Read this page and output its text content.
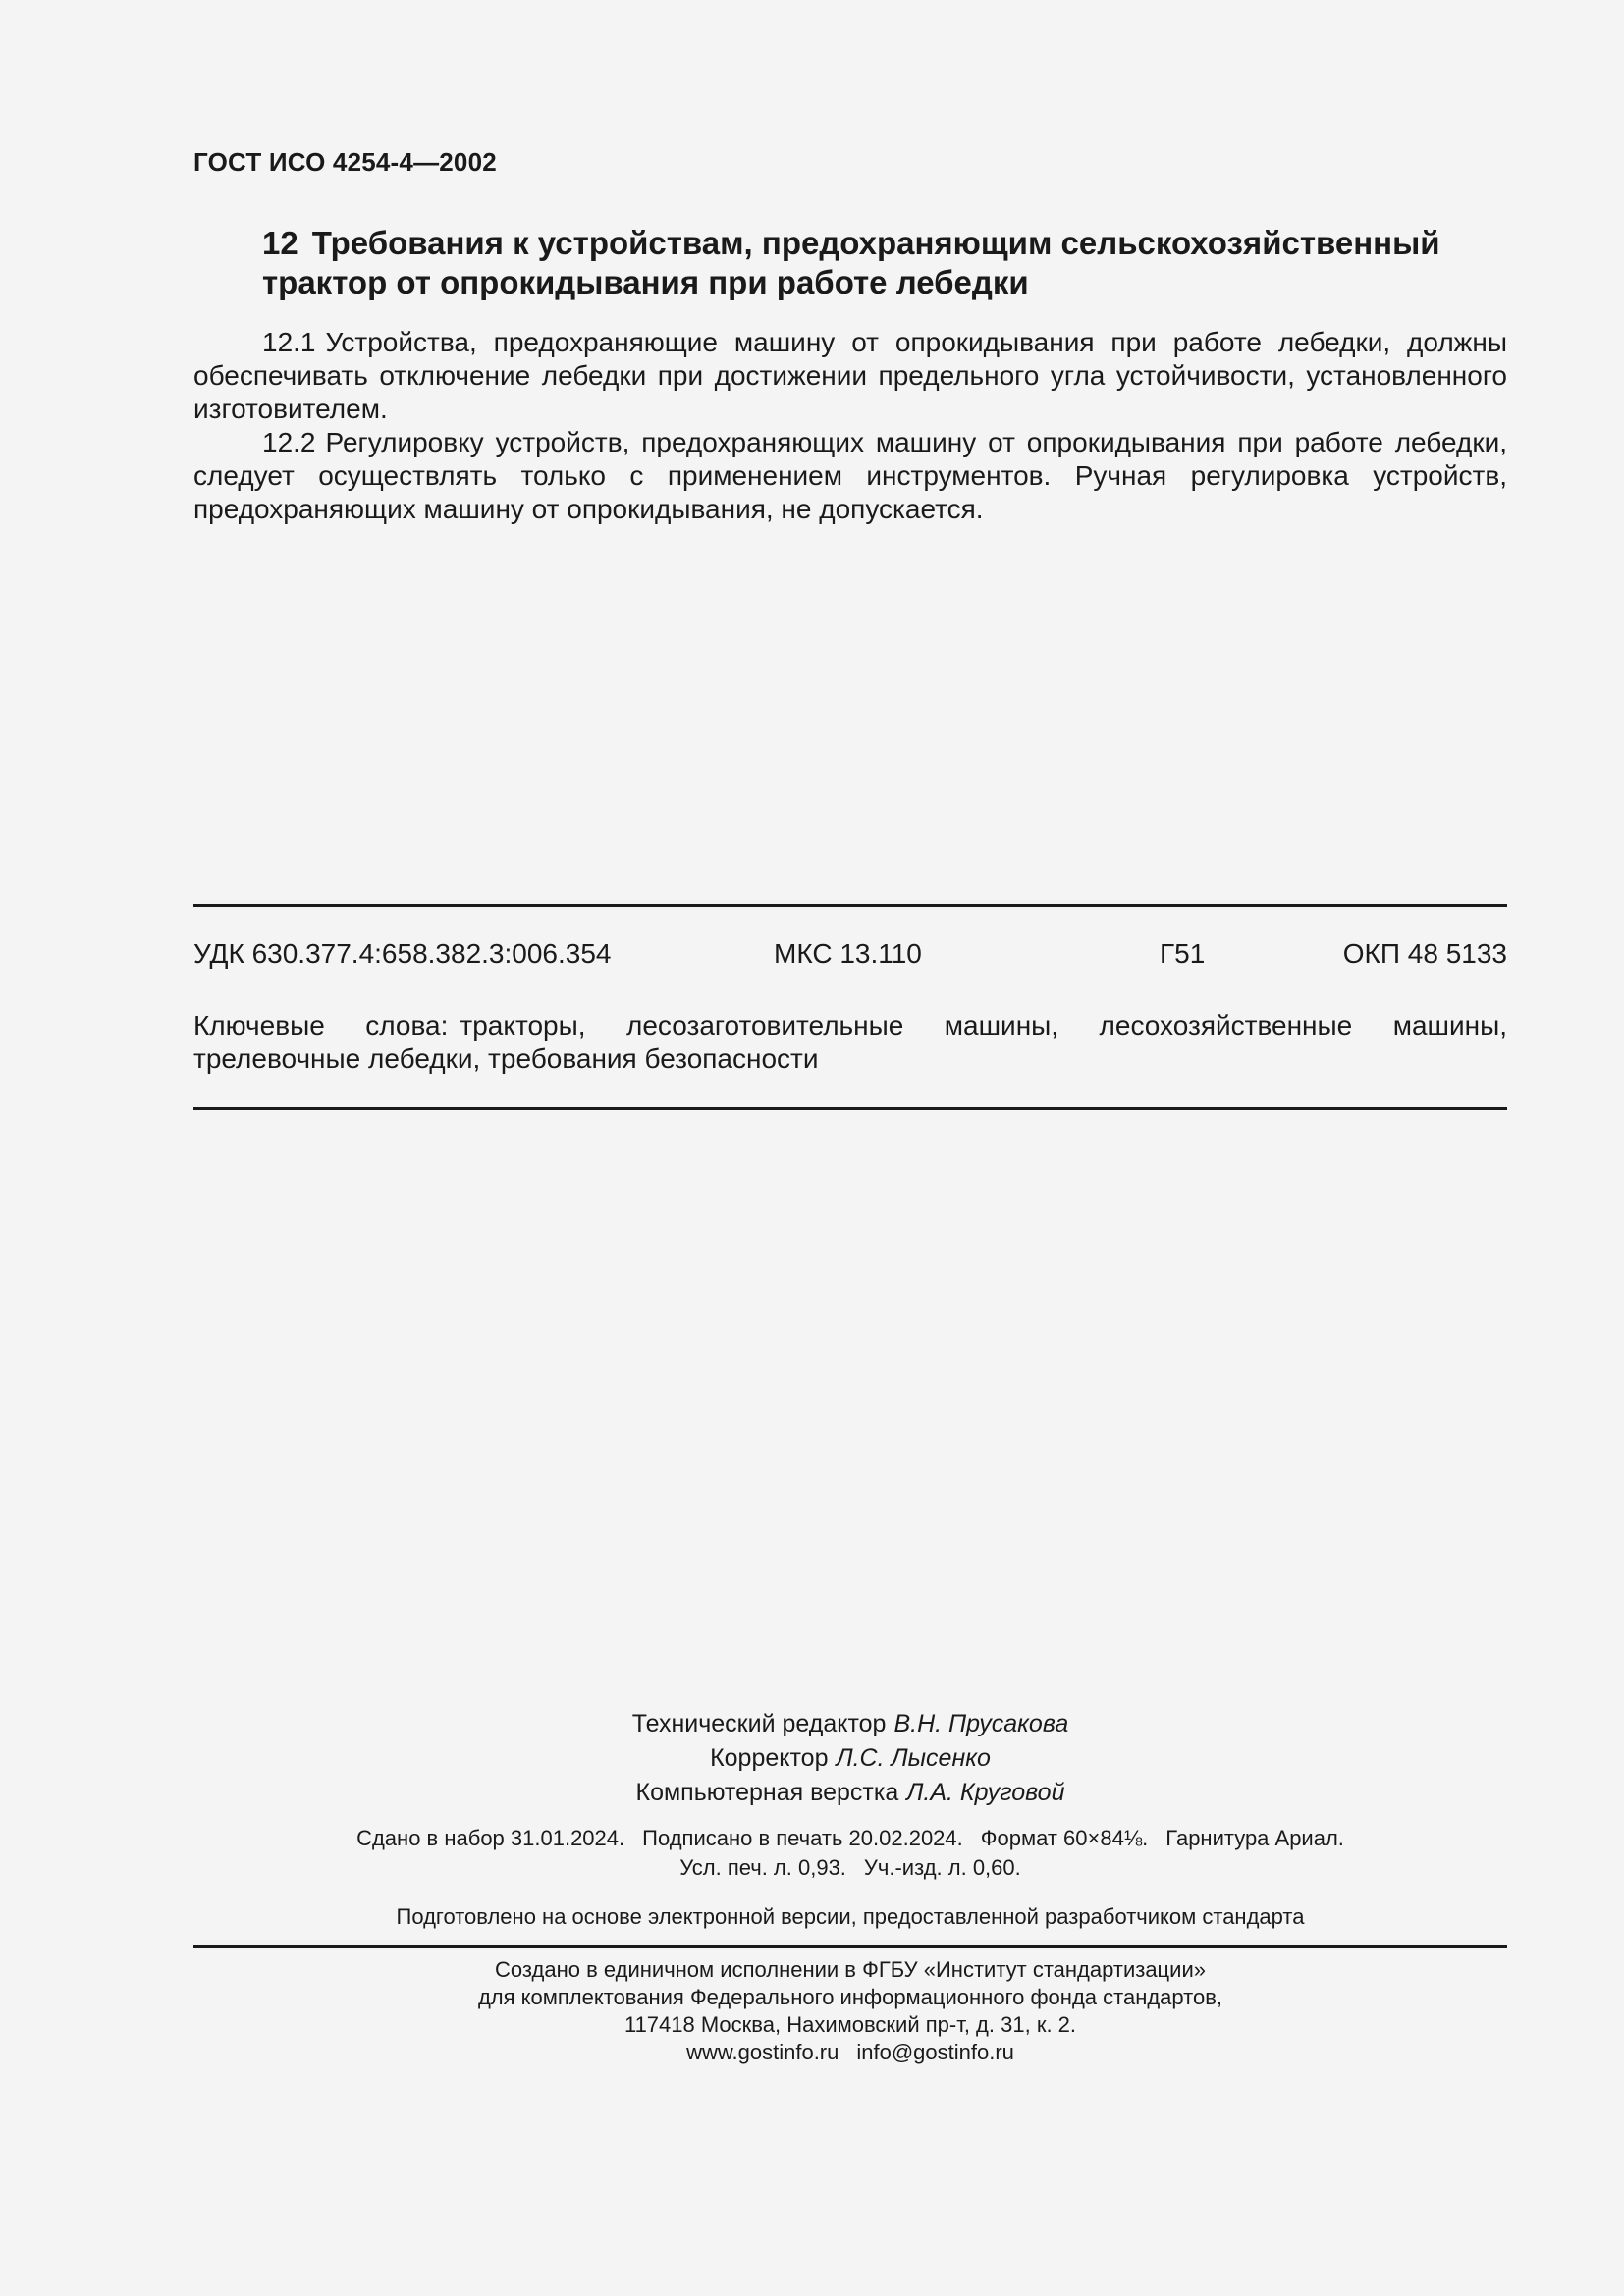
ГОСТ ИСО 4254-4—2002
12 Требования к устройствам, предохраняющим сельскохозяйственный трактор от опрокидывания при работе лебедки

12.1 Устройства, предохраняющие машину от опрокидывания при работе лебедки, должны обеспечивать отключение лебедки при достижении предельного угла устойчивости, установленного изготовителем.

12.2 Регулировку устройств, предохраняющих машину от опрокидывания при работе лебедки, следует осуществлять только с применением инструментов. Ручная регулировка устройств, предохраняющих машину от опрокидывания, не допускается.

УДК 630.377.4:658.382.3:006.354	МКС 13.110	Г51	ОКП 48 5133
Ключевые слова: тракторы, лесозаготовительные машины, лесохозяйственные машины, трелевочные лебедки, требования безопасности
Технический редактор В.Н. Прусакова
Корректор Л.С. Лысенко
Компьютерная верстка Л.А. Круговой
Сдано в набор 31.01.2024. Подписано в печать 20.02.2024. Формат 60×84⅛. Гарнитура Ариал.
Усл. печ. л. 0,93. Уч.-изд. л. 0,60.
Подготовлено на основе электронной версии, предоставленной разработчиком стандарта
Создано в единичном исполнении в ФГБУ «Институт стандартизации»
для комплектования Федерального информационного фонда стандартов,
117418 Москва, Нахимовский пр-т, д. 31, к. 2.
www.gostinfo.ru info@gostinfo.ru
